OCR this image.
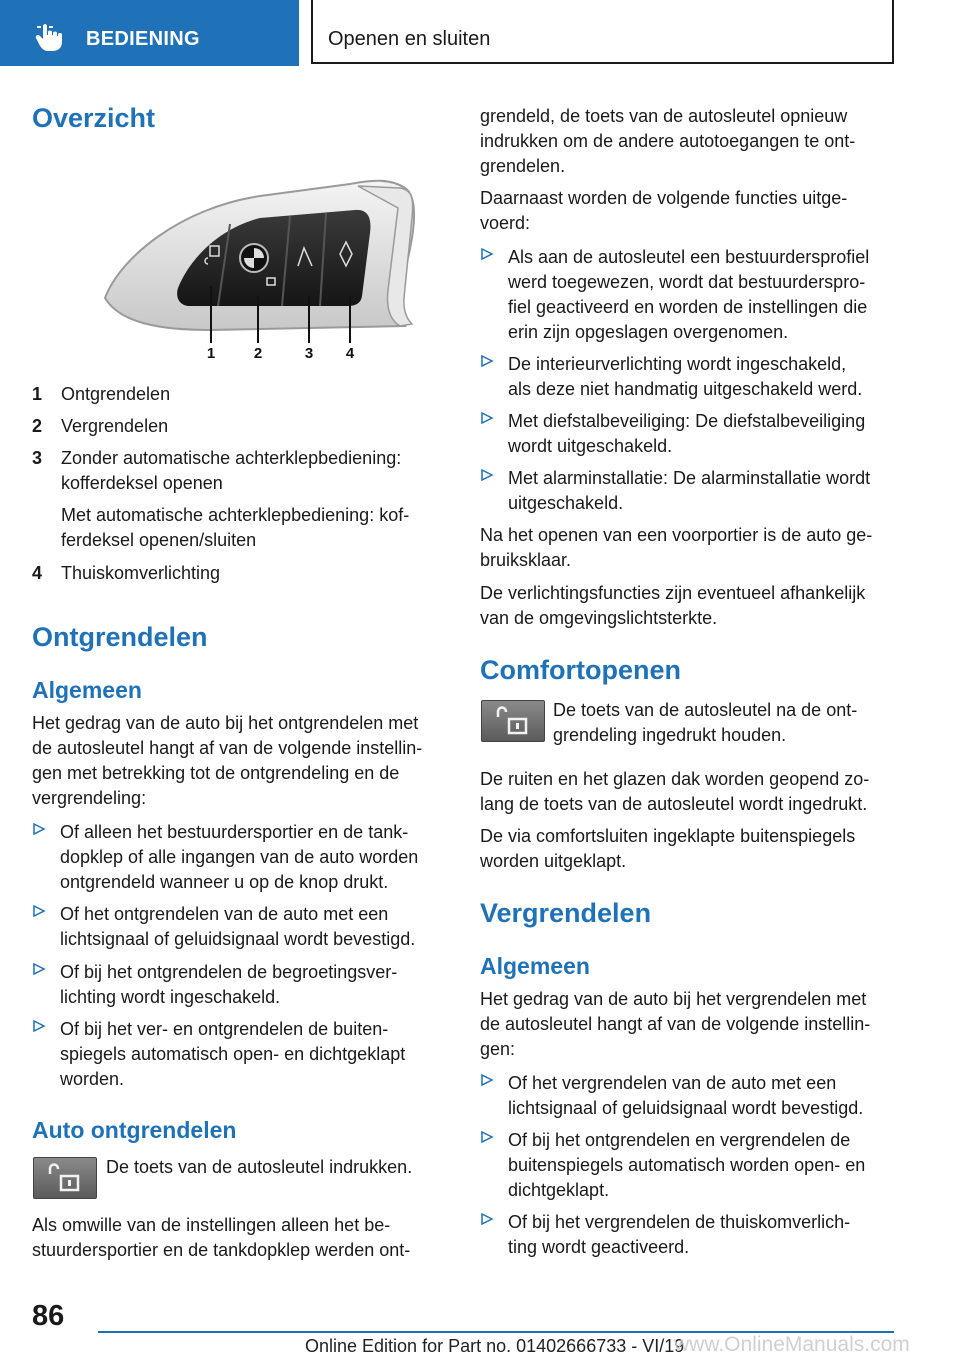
BEDIENING	Openen en sluiten
Overzicht
1	2	3 4
1 Ontgrendelen
2 Vergrendelen
3 Zonder automatische achterklepbediening:
kofferdeksel openen
Met automatische achterklepbediening: kof-
ferdeksel openen/sluiten
4 Thuiskomverlichting
Ontgrendelen
Algemeen

Het gedrag van de auto bij het ontgrendelen met

de autosleutel hangt af van de volgende instellin-

gen met betrekking tot de ontgrendeling en de

vergrendeling:

Of alleen het bestuurdersportier en de tank-
dopklep of alle ingangen van de auto worden
ontgrendeld wanneer u op de knop drukt.
Of het ontgrendelen van de auto met een
lichtsignaal of geluidsignaal wordt bevestigd.
Of bij het ontgrendelen de begroetingsver-
lichting wordt ingeschakeld.
Of bij het ver- en ontgrendelen de buiten-
spiegels automatisch open- en dichtgeklapt
worden.
Auto ontgrendelen

De toets van de autosleutel indrukken.

Als omwille van de instellingen alleen het be-

stuurdersportier en de tankdopklep werden ont-

grendeld, de toets van de autosleutel opnieuw

indrukken om de andere autotoegangen te ont-

grendelen.

Daarnaast worden de volgende functies uitge-

voerd:

Als aan de autosleutel een bestuurdersprofiel
werd toegewezen, wordt dat bestuurderspro-
fiel geactiveerd en worden de instellingen die
erin zijn opgeslagen overgenomen.
De interieurverlichting wordt ingeschakeld,
als deze niet handmatig uitgeschakeld werd.
Met diefstalbeveiliging: De diefstalbeveiliging
wordt uitgeschakeld.
Met alarminstallatie: De alarminstallatie wordt
uitgeschakeld.

Na het openen van een voorportier is de auto ge-

bruiksklaar.

De verlichtingsfuncties zijn eventueel afhankelijk

van de omgevingslichtsterkte.

Comfortopenen

De toets van de autosleutel na de ont-

grendeling ingedrukt houden.

De ruiten en het glazen dak worden geopend zo-

lang de toets van de autosleutel wordt ingedrukt.

De via comfortsluiten ingeklapte buitenspiegels

worden uitgeklapt.

Vergrendelen
Algemeen

Het gedrag van de auto bij het vergrendelen met

de autosleutel hangt af van de volgende instellin-

gen:

Of het vergrendelen van de auto met een
lichtsignaal of geluidsignaal wordt bevestigd.
Of bij het ontgrendelen en vergrendelen de
buitenspiegels automatisch worden open- en
dichtgeklapt.
Of bij het vergrendelen de thuiskomverlich-
ting wordt geactiveerd.
86
Online Edition for Part no. 01402666733 - VI/19
www.OnlineManuals.com
